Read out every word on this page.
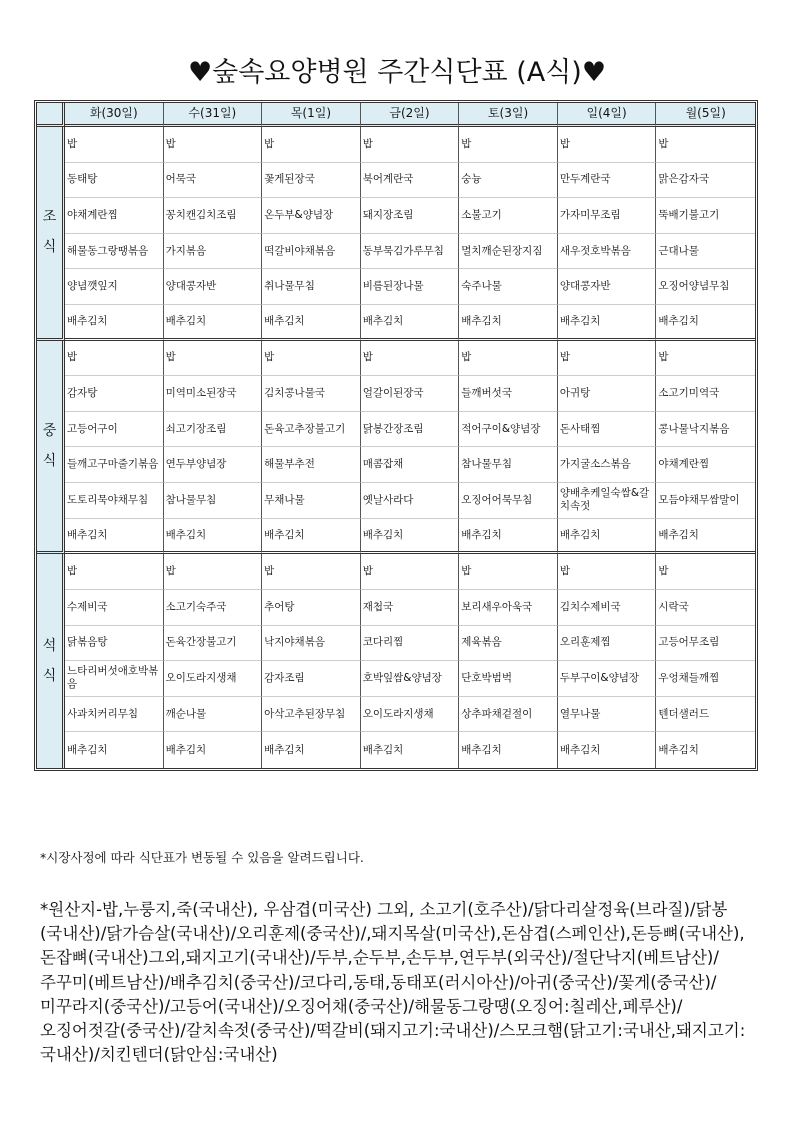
♥숲속요양병원 주간식단표 (A식)♥
	화(30일)	수(31일)	목(1일)	금(2일)	토(3일)	일(4일)	월(5일)
조
식	밥	밥	밥	밥	밥	밥	밥
	동태탕	어묵국	꽃게된장국	북어계란국	숭늉	만두계란국	맑은감자국
	야채계란찜	꽁치캔김치조림	온두부&양념장	돼지장조림	소불고기	가자미무조림	뚝배기불고기
	해물동그랑땡볶음	가지볶음	떡갈비야채볶음	동부묵김가루무침	멸치깨순된장지짐	새우젓호박볶음	근대나물
	양념깻잎지	양대콩자반	취나물무침	비름된장나물	숙주나물	양대콩자반	오징어양념무침
	배추김치	배추김치	배추김치	배추김치	배추김치	배추김치	배추김치
중
식	밥	밥	밥	밥	밥	밥	밥
	감자탕	미역미소된장국	김치콩나물국	얼갈이된장국	들깨버섯국	아귀탕	소고기미역국
	고등어구이	쇠고기장조림	돈육고추장불고기	닭봉간장조림	적어구이&양념장	돈사태찜	콩나물낙지볶음
	들깨고구마줄기볶음	연두부양념장	해물부추전	매콤잡채	참나물무침	가지굴소스볶음	야채계란찜
	도토리묵야채무침	참나물무침	무채나물	옛날사라다	오징어어묵무침	양배추케일숙쌈&갈치속젓	모듬야채무쌈말이
	배추김치	배추김치	배추김치	배추김치	배추김치	배추김치	배추김치
석
식	밥	밥	밥	밥	밥	밥	밥
	수제비국	소고기숙주국	추어탕	재첩국	보리새우아욱국	김치수제비국	시락국
	닭볶음탕	돈육간장불고기	낙지야채볶음	코다리찜	제육볶음	오리훈제찜	고등어무조림
	느타리버섯애호박볶음	오이도라지생채	감자조림	호박잎쌈&양념장	단호박범벅	두부구이&양념장	우엉채들깨찜
	사과치커리무침	깨순나물	아삭고추된장무침	오이도라지생채	상추파채겉절이	열무나물	텐더샐러드
	배추김치	배추김치	배추김치	배추김치	배추김치	배추김치	배추김치
*시장사정에 따라 식단표가 변동될 수 있음을 알려드립니다.
*원산지-밥,누룽지,죽(국내산), 우삼겹(미국산) 그외, 소고기(호주산)/닭다리살정육(브라질)/닭봉(국내산)/닭가슴살(국내산)/오리훈제(중국산)/,돼지목살(미국산),돈삼겹(스페인산),돈등뼈(국내산),돈잡뼈(국내산)그외,돼지고기(국내산)/두부,순두부,손두부,연두부(외국산)/절단낙지(베트남산)/주꾸미(베트남산)/배추김치(중국산)/코다리,동태,동태포(러시아산)/아귀(중국산)/꽃게(중국산)/미꾸라지(중국산)/고등어(국내산)/오징어채(중국산)/해물동그랑땡(오징어:칠레산,페루산)/오징어젓갈(중국산)/갈치속젓(중국산)/떡갈비(돼지고기:국내산)/스모크햄(닭고기:국내산,돼지고기:국내산)/치킨텐더(닭안심:국내산)
